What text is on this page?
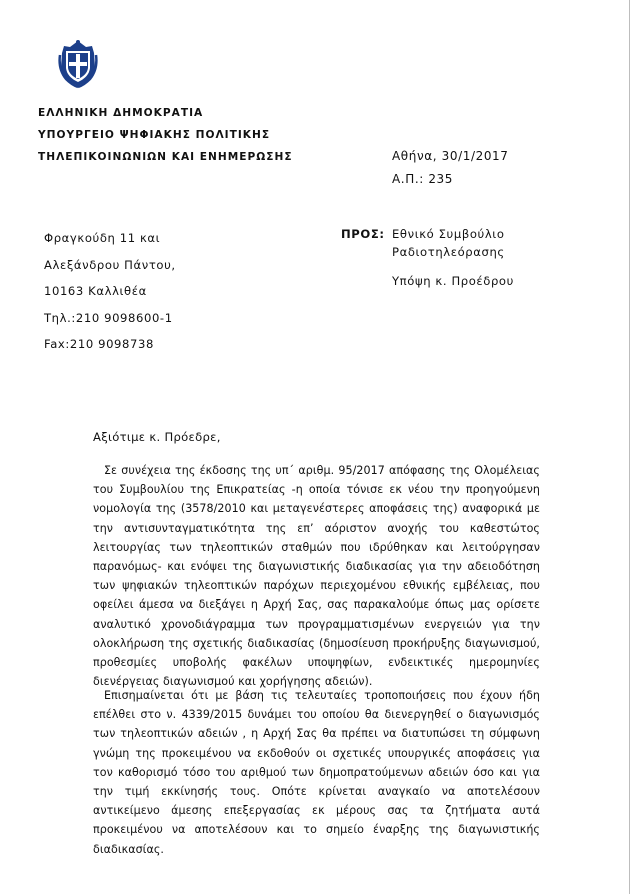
ΕΛΛΗΝΙΚΗ ΔΗΜΟΚΡΑΤΙΑ
ΥΠΟΥΡΓΕΙΟ ΨΗΦΙΑΚΗΣ ΠΟΛΙΤΙΚΗΣ
ΤΗΛΕΠΙΚΟΙΝΩΝΙΩΝ ΚΑΙ ΕΝΗΜΕΡΩΣΗΣ	Αθήνα, 30/1/2017
Α.Π.: 235
Φραγκούδη 11 και
Αλεξάνδρου Πάντου,
10163 Καλλιθέα
Τηλ.:210 9098600-1
Fax:210 9098738
ΠΡΟΣ: Εθνικό Συμβούλιο
Ραδιοτηλεόρασης
Υπόψη κ. Προέδρου
Αξιότιμε κ. Πρόεδρε,

Σε συνέχεια της έκδοσης της υπ΄ αριθμ. 95/2017 απόφασης της Ολομέλειας του Συμβουλίου της Επικρατείας -η οποία τόνισε εκ νέου την προηγούμενη νομολογία της (3578/2010 και μεταγενέστερες αποφάσεις της) αναφορικά με την αντισυνταγματικότητα της επ’ αόριστον ανοχής του καθεστώτος λειτουργίας των τηλεοπτικών σταθμών που ιδρύθηκαν και λειτούργησαν παρανόμως- και ενόψει της διαγωνιστικής διαδικασίας για την αδειοδότηση των ψηφιακών τηλεοπτικών παρόχων περιεχομένου εθνικής εμβέλειας, που οφείλει άμεσα να διεξάγει η Αρχή Σας, σας παρακαλούμε όπως μας ορίσετε αναλυτικό χρονοδιάγραμμα των προγραμματισμένων ενεργειών για την ολοκλήρωση της σχετικής διαδικασίας (δημοσίευση προκήρυξης διαγωνισμού, προθεσμίες υποβολής φακέλων υποψηφίων, ενδεικτικές ημερομηνίες διενέργειας διαγωνισμού και χορήγησης αδειών).

Επισημαίνεται ότι με βάση τις τελευταίες τροποποιήσεις που έχουν ήδη επέλθει στο ν. 4339/2015 δυνάμει του οποίου θα διενεργηθεί ο διαγωνισμός των τηλεοπτικών αδειών , η Αρχή Σας θα πρέπει να διατυπώσει τη σύμφωνη γνώμη της προκειμένου να εκδοθούν οι σχετικές υπουργικές αποφάσεις για τον καθορισμό τόσο του αριθμού των δημοπρατούμενων αδειών όσο και για την τιμή εκκίνησής τους. Οπότε κρίνεται αναγκαίο να αποτελέσουν αντικείμενο άμεσης επεξεργασίας εκ μέρους σας τα ζητήματα αυτά προκειμένου να αποτελέσουν και το σημείο έναρξης της διαγωνιστικής διαδικασίας.
